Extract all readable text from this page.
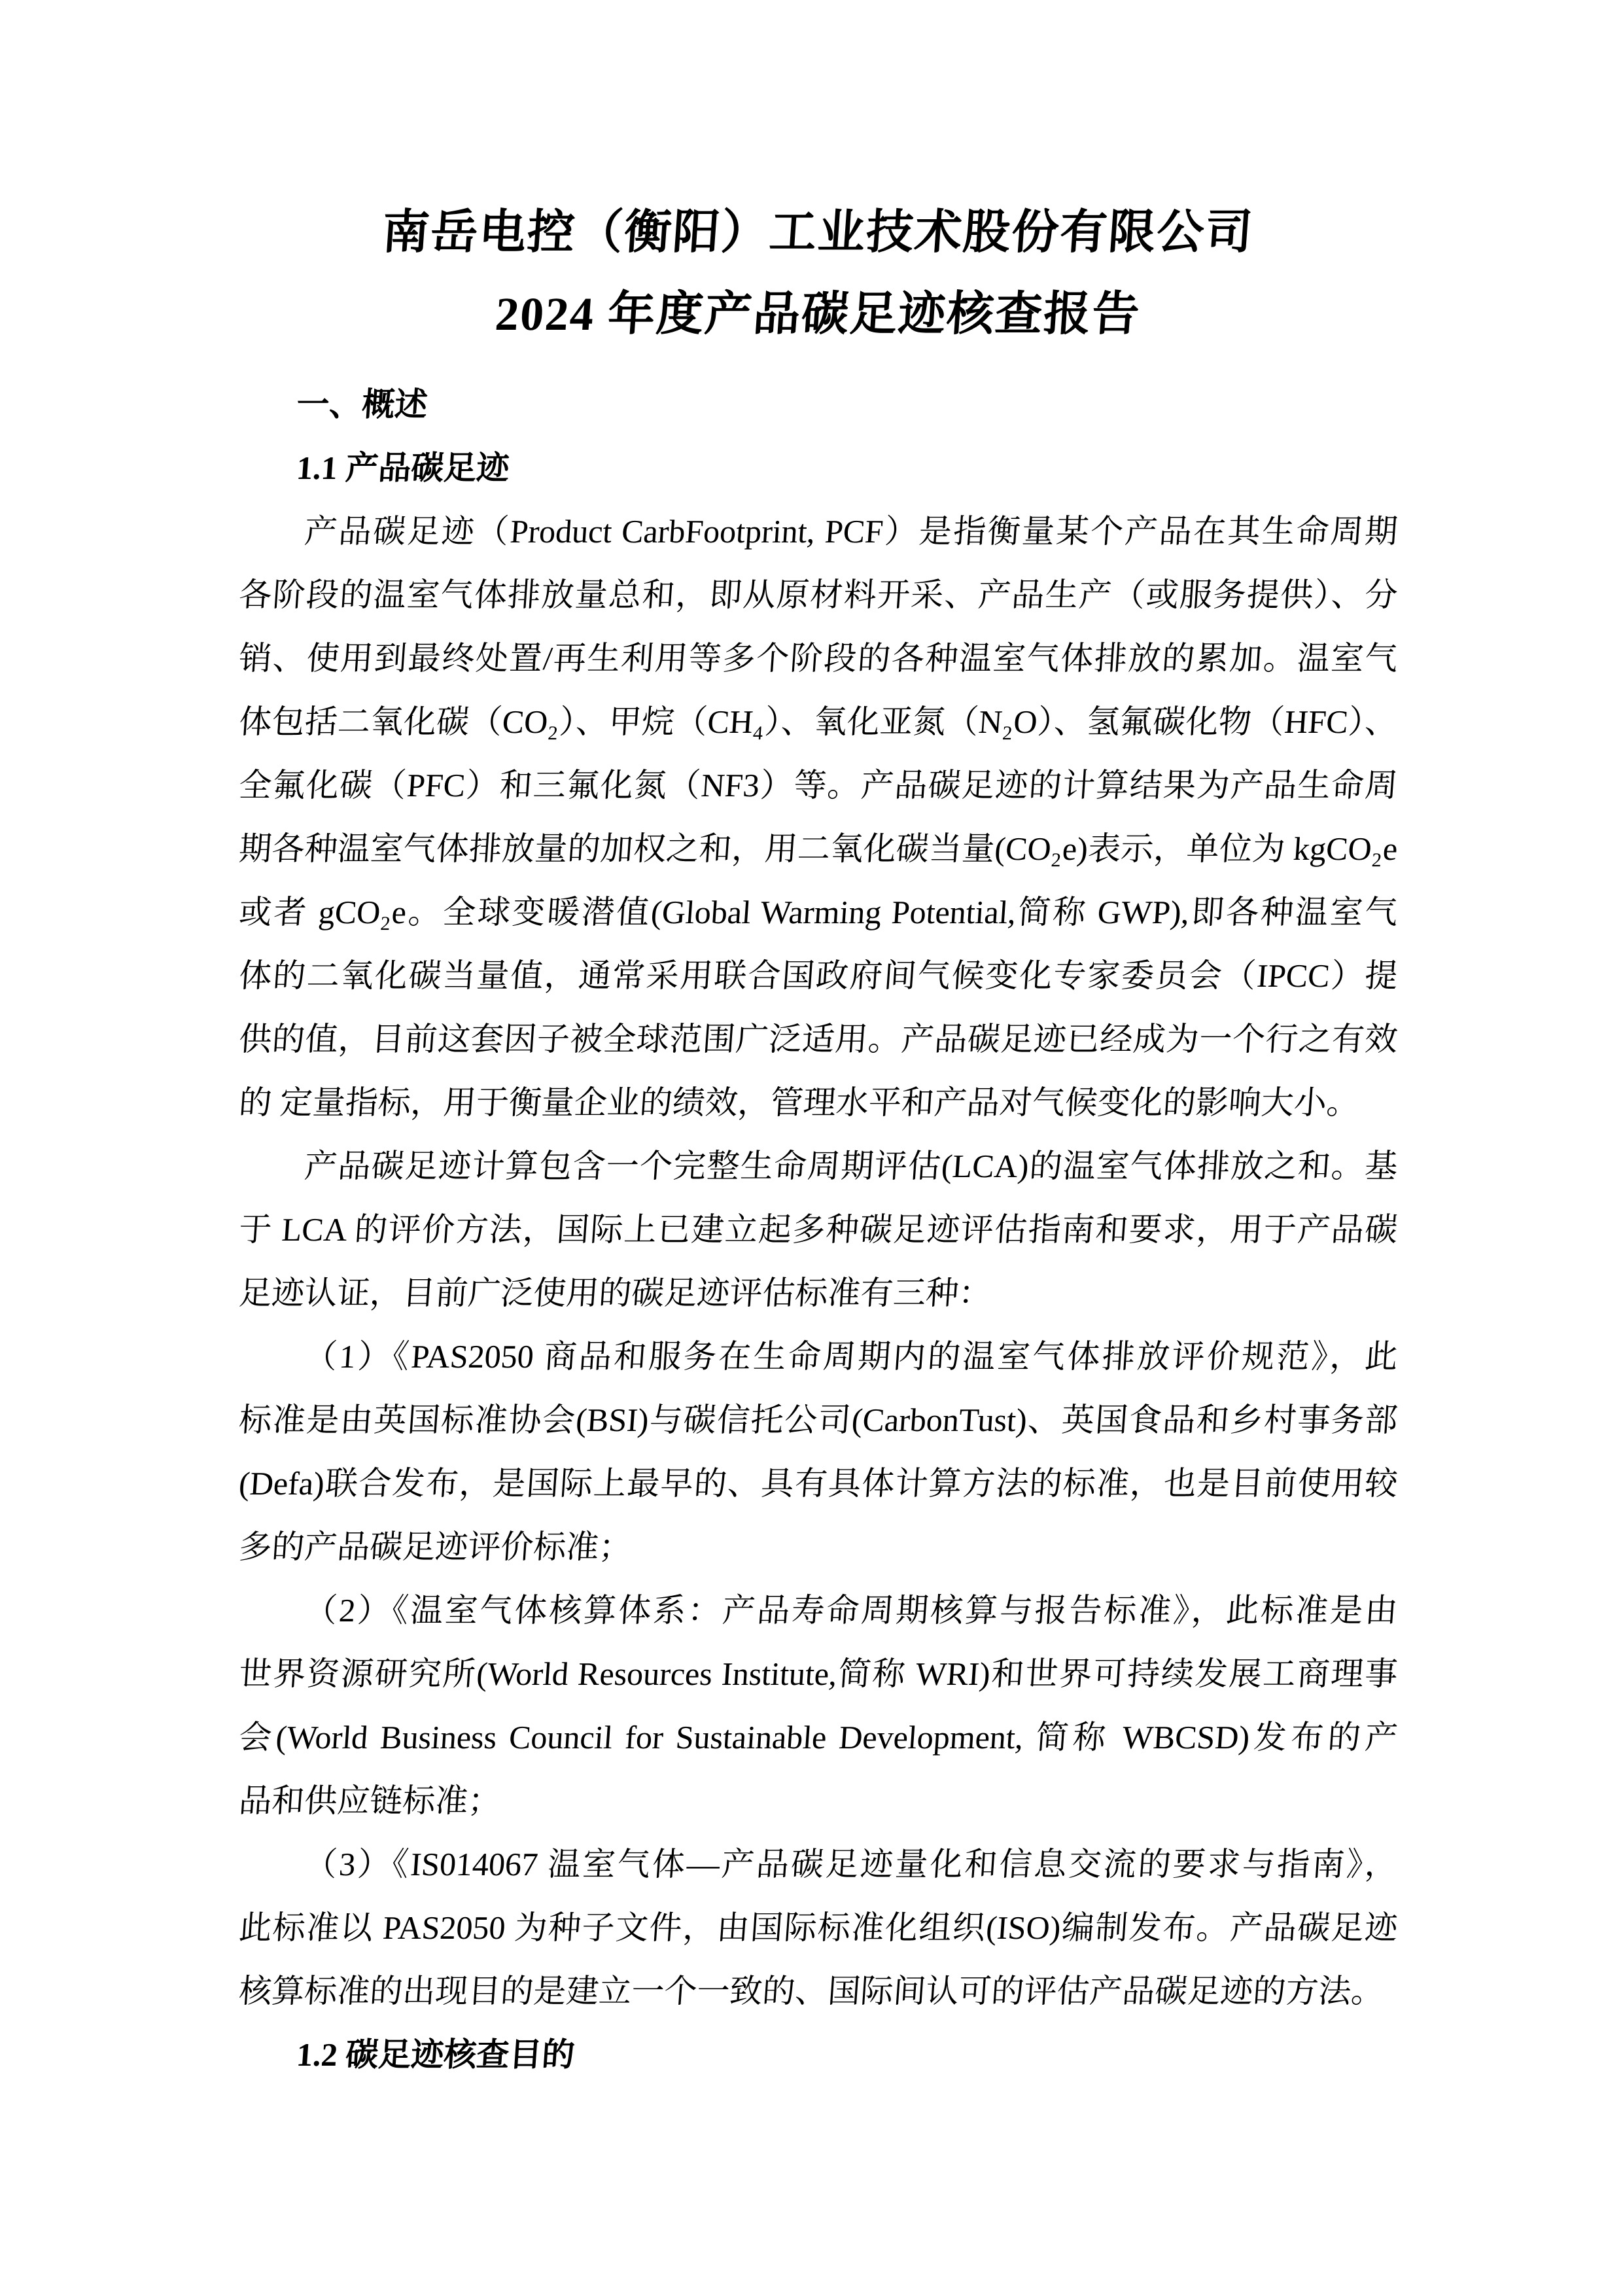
南岳电控（衡阳）工业技术股份有限公司
2024 年度产品碳足迹核查报告
一、概述
1.1 产品碳足迹
产品碳足迹（Product CarbFootprint, PCF）是指衡量某个产品在其生命周期
各阶段的温室气体排放量总和，即从原材料开采、产品生产（或服务提供）、分
销、使用到最终处置/再生利用等多个阶段的各种温室气体排放的累加。温室气
体包括二氧化碳（CO₂）、甲烷（CH₄）、氧化亚氮（N₂O）、氢氟碳化物（HFC）、
全氟化碳（PFC）和三氟化氮（NF3）等。产品碳足迹的计算结果为产品生命周
期各种温室气体排放量的加权之和，用二氧化碳当量(CO₂e)表示，单位为 kgCO₂e
或者 gCO₂e。全球变暖潜值(Global Warming Potential,简称 GWP),即各种温室气
体的二氧化碳当量值，通常采用联合国政府间气候变化专家委员会（IPCC）提
供的值，目前这套因子被全球范围广泛适用。产品碳足迹已经成为一个行之有效
的 定量指标，用于衡量企业的绩效，管理水平和产品对气候变化的影响大小。
产品碳足迹计算包含一个完整生命周期评估(LCA)的温室气体排放之和。基
于 LCA 的评价方法，国际上已建立起多种碳足迹评估指南和要求，用于产品碳
足迹认证，目前广泛使用的碳足迹评估标准有三种：
（1）《PAS2050 商品和服务在生命周期内的温室气体排放评价规范》，此
标准是由英国标准协会(BSI)与碳信托公司(CarbonTust)、英国食品和乡村事务部
(Defa)联合发布，是国际上最早的、具有具体计算方法的标准，也是目前使用较
多的产品碳足迹评价标准；
（2）《温室气体核算体系：产品寿命周期核算与报告标准》，此标准是由
世界资源研究所(World Resources Institute,简称 WRI)和世界可持续发展工商理事
会(World Business Council for Sustainable Development, 简称 WBCSD)发布的产
品和供应链标准；
（3）《IS014067 温室气体—产品碳足迹量化和信息交流的要求与指南》，
此标准以 PAS2050 为种子文件，由国际标准化组织(ISO)编制发布。产品碳足迹
核算标准的出现目的是建立一个一致的、国际间认可的评估产品碳足迹的方法。
1.2 碳足迹核查目的
